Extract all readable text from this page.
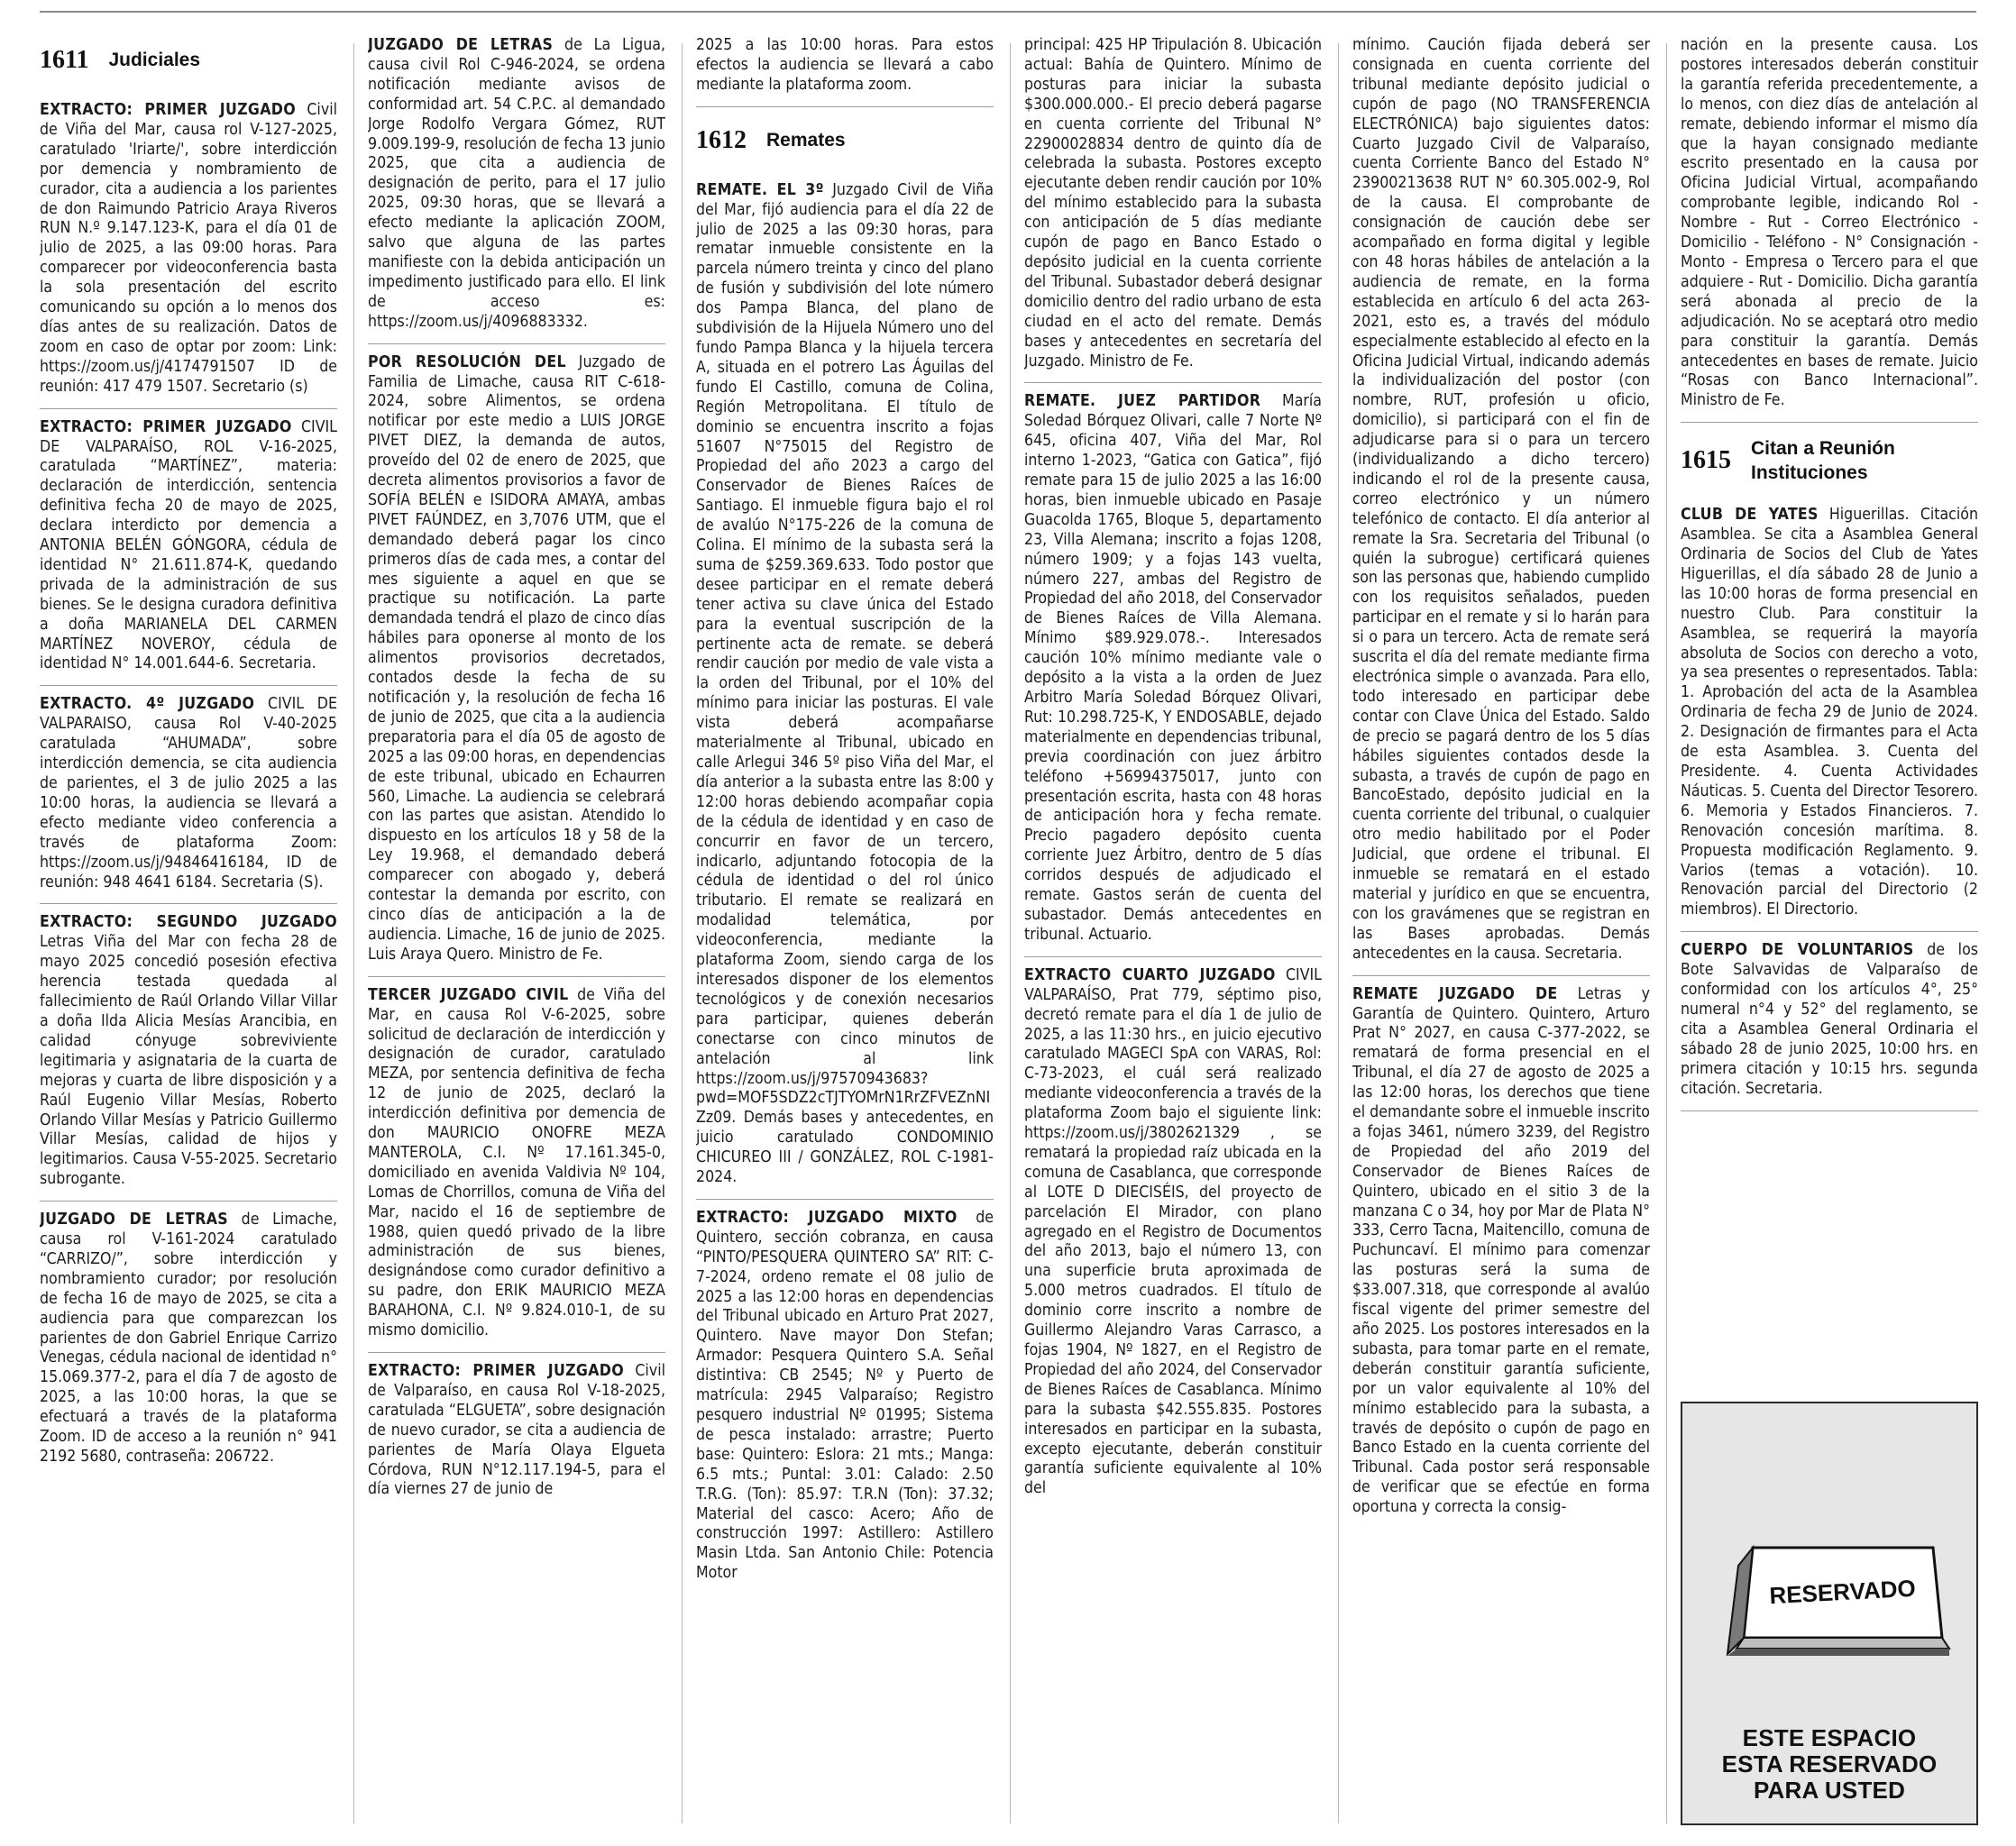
1611 Judiciales
EXTRACTO: PRIMER JUZGADO Civil de Viña del Mar, causa rol V-127-2025, caratulado 'Iriarte/', sobre interdicción por demencia y nombramiento de curador, cita a audiencia a los parientes de don Raimundo Patricio Araya Riveros RUN N.º 9.147.123-K, para el día 01 de julio de 2025, a las 09:00 horas. Para comparecer por videoconferencia basta la sola presentación del escrito comunicando su opción a lo menos dos días antes de su realización. Datos de zoom en caso de optar por zoom: Link: https://zoom.us/j/4174791507 ID de reunión: 417 479 1507. Secretario (s)
EXTRACTO: PRIMER JUZGADO CIVIL DE VALPARAÍSO, ROL V-16-2025, caratulada “MARTÍNEZ”, materia: declaración de interdicción, sentencia definitiva fecha 20 de mayo de 2025, declara interdicto por demencia a ANTONIA BELÉN GÓNGORA, cédula de identidad N° 21.611.874-K, quedando privada de la administración de sus bienes. Se le designa curadora definitiva a doña MARIANELA DEL CARMEN MARTÍNEZ NOVEROY, cédula de identidad N° 14.001.644-6. Secretaria.
EXTRACTO. 4º JUZGADO CIVIL DE VALPARAISO, causa Rol V-40-2025 caratulada “AHUMADA”, sobre interdicción demencia, se cita audiencia de parientes, el 3 de julio 2025 a las 10:00 horas, la audiencia se llevará a efecto mediante video conferencia a través de plataforma Zoom: https://zoom.us/j/94846416184, ID de reunión: 948 4641 6184. Secretaria (S).
EXTRACTO: SEGUNDO JUZGADO Letras Viña del Mar con fecha 28 de mayo 2025 concedió posesión efectiva herencia testada quedada al fallecimiento de Raúl Orlando Villar Villar a doña Ilda Alicia Mesías Arancibia, en calidad cónyuge sobreviviente legitimaria y asignataria de la cuarta de mejoras y cuarta de libre disposición y a Raúl Eugenio Villar Mesías, Roberto Orlando Villar Mesías y Patricio Guillermo Villar Mesías, calidad de hijos y legitimarios. Causa V-55-2025. Secretario subrogante.
JUZGADO DE LETRAS de Limache, causa rol V-161-2024 caratulado “CARRIZO/”, sobre interdicción y nombramiento curador; por resolución de fecha 16 de mayo de 2025, se cita a audiencia para que comparezcan los parientes de don Gabriel Enrique Carrizo Venegas, cédula nacional de identidad n° 15.069.377-2, para el día 7 de agosto de 2025, a las 10:00 horas, la que se efectuará a través de la plataforma Zoom. ID de acceso a la reunión n° 941 2192 5680, contraseña: 206722.
JUZGADO DE LETRAS de La Ligua, causa civil Rol C-946-2024, se ordena notificación mediante avisos de conformidad art. 54 C.P.C. al demandado Jorge Rodolfo Vergara Gómez, RUT 9.009.199-9, resolución de fecha 13 junio 2025, que cita a audiencia de designación de perito, para el 17 julio 2025, 09:30 horas, que se llevará a efecto mediante la aplicación ZOOM, salvo que alguna de las partes manifieste con la debida anticipación un impedimento justificado para ello. El link de acceso es: https://zoom.us/j/4096883332.
POR RESOLUCIÓN DEL Juzgado de Familia de Limache, causa RIT C-618-2024, sobre Alimentos, se ordena notificar por este medio a LUIS JORGE PIVET DIEZ, la demanda de autos, proveído del 02 de enero de 2025, que decreta alimentos provisorios a favor de SOFÍA BELÉN e ISIDORA AMAYA, ambas PIVET FAÚNDEZ, en 3,7076 UTM, que el demandado deberá pagar los cinco primeros días de cada mes, a contar del mes siguiente a aquel en que se practique su notificación. La parte demandada tendrá el plazo de cinco días hábiles para oponerse al monto de los alimentos provisorios decretados, contados desde la fecha de su notificación y, la resolución de fecha 16 de junio de 2025, que cita a la audiencia preparatoria para el día 05 de agosto de 2025 a las 09:00 horas, en dependencias de este tribunal, ubicado en Echaurren 560, Limache. La audiencia se celebrará con las partes que asistan. Atendido lo dispuesto en los artículos 18 y 58 de la Ley 19.968, el demandado deberá comparecer con abogado y, deberá contestar la demanda por escrito, con cinco días de anticipación a la de audiencia. Limache, 16 de junio de 2025. Luis Araya Quero. Ministro de Fe.
TERCER JUZGADO CIVIL de Viña del Mar, en causa Rol V-6-2025, sobre solicitud de declaración de interdicción y designación de curador, caratulado MEZA, por sentencia definitiva de fecha 12 de junio de 2025, declaró la interdicción definitiva por demencia de don MAURICIO ONOFRE MEZA MANTEROLA, C.I. Nº 17.161.345-0, domiciliado en avenida Valdivia Nº 104, Lomas de Chorrillos, comuna de Viña del Mar, nacido el 16 de septiembre de 1988, quien quedó privado de la libre administración de sus bienes, designándose como curador definitivo a su padre, don ERIK MAURICIO MEZA BARAHONA, C.I. Nº 9.824.010-1, de su mismo domicilio.
EXTRACTO: PRIMER JUZGADO Civil de Valparaíso, en causa Rol V-18-2025, caratulada “ELGUETA”, sobre designación de nuevo curador, se cita a audiencia de parientes de María Olaya Elgueta Córdova, RUN N°12.117.194-5, para el día viernes 27 de junio de
2025 a las 10:00 horas. Para estos efectos la audiencia se llevará a cabo mediante la plataforma zoom.
1612 Remates
REMATE. EL 3º Juzgado Civil de Viña del Mar, fijó audiencia para el día 22 de julio de 2025 a las 09:30 horas, para rematar inmueble consistente en la parcela número treinta y cinco del plano de fusión y subdivisión del lote número dos Pampa Blanca, del plano de subdivisión de la Hijuela Número uno del fundo Pampa Blanca y la hijuela tercera A, situada en el potrero Las Águilas del fundo El Castillo, comuna de Colina, Región Metropolitana. El título de dominio se encuentra inscrito a fojas 51607 N°75015 del Registro de Propiedad del año 2023 a cargo del Conservador de Bienes Raíces de Santiago. El inmueble figura bajo el rol de avalúo N°175-226 de la comuna de Colina. El mínimo de la subasta será la suma de $259.369.633. Todo postor que desee participar en el remate deberá tener activa su clave única del Estado para la eventual suscripción de la pertinente acta de remate. se deberá rendir caución por medio de vale vista a la orden del Tribunal, por el 10% del mínimo para iniciar las posturas. El vale vista deberá acompañarse materialmente al Tribunal, ubicado en calle Arlegui 346 5º piso Viña del Mar, el día anterior a la subasta entre las 8:00 y 12:00 horas debiendo acompañar copia de la cédula de identidad y en caso de concurrir en favor de un tercero, indicarlo, adjuntando fotocopia de la cédula de identidad o del rol único tributario. El remate se realizará en modalidad telemática, por videoconferencia, mediante la plataforma Zoom, siendo carga de los interesados disponer de los elementos tecnológicos y de conexión necesarios para participar, quienes deberán conectarse con cinco minutos de antelación al link https://zoom.us/j/97570943683?pwd=MOF5SDZ2cTJTYOMrN1RrZFVEZnNIZz09. Demás bases y antecedentes, en juicio caratulado CONDOMINIO CHICUREO III / GONZÁLEZ, ROL C-1981-2024.
EXTRACTO: JUZGADO MIXTO de Quintero, sección cobranza, en causa “PINTO/PESQUERA QUINTERO SA” RIT: C-7-2024, ordeno remate el 08 julio de 2025 a las 12:00 horas en dependencias del Tribunal ubicado en Arturo Prat 2027, Quintero. Nave mayor Don Stefan; Armador: Pesquera Quintero S.A. Señal distintiva: CB 2545; Nº y Puerto de matrícula: 2945 Valparaíso; Registro pesquero industrial Nº 01995; Sistema de pesca instalado: arrastre; Puerto base: Quintero: Eslora: 21 mts.; Manga: 6.5 mts.; Puntal: 3.01: Calado: 2.50 T.R.G. (Ton): 85.97: T.R.N (Ton): 37.32; Material del casco: Acero; Año de construcción 1997: Astillero: Astillero Masin Ltda. San Antonio Chile: Potencia Motor
principal: 425 HP Tripulación 8. Ubicación actual: Bahía de Quintero. Mínimo de posturas para iniciar la subasta $300.000.000.- El precio deberá pagarse en cuenta corriente del Tribunal N° 22900028834 dentro de quinto día de celebrada la subasta. Postores excepto ejecutante deben rendir caución por 10% del mínimo establecido para la subasta con anticipación de 5 días mediante cupón de pago en Banco Estado o depósito judicial en la cuenta corriente del Tribunal. Subastador deberá designar domicilio dentro del radio urbano de esta ciudad en el acto del remate. Demás bases y antecedentes en secretaría del Juzgado. Ministro de Fe.
REMATE. JUEZ PARTIDOR María Soledad Bórquez Olivari, calle 7 Norte Nº 645, oficina 407, Viña del Mar, Rol interno 1-2023, “Gatica con Gatica”, fijó remate para 15 de julio 2025 a las 16:00 horas, bien inmueble ubicado en Pasaje Guacolda 1765, Bloque 5, departamento 23, Villa Alemana; inscrito a fojas 1208, número 1909; y a fojas 143 vuelta, número 227, ambas del Registro de Propiedad del año 2018, del Conservador de Bienes Raíces de Villa Alemana. Mínimo $89.929.078.-. Interesados caución 10% mínimo mediante vale o depósito a la vista a la orden de Juez Arbitro María Soledad Bórquez Olivari, Rut: 10.298.725-K, Y ENDOSABLE, dejado materialmente en dependencias tribunal, previa coordinación con juez árbitro teléfono +56994375017, junto con presentación escrita, hasta con 48 horas de anticipación hora y fecha remate. Precio pagadero depósito cuenta corriente Juez Árbitro, dentro de 5 días corridos después de adjudicado el remate. Gastos serán de cuenta del subastador. Demás antecedentes en tribunal. Actuario.
EXTRACTO CUARTO JUZGADO CIVIL VALPARAÍSO, Prat 779, séptimo piso, decretó remate para el día 1 de julio de 2025, a las 11:30 hrs., en juicio ejecutivo caratulado MAGECI SpA con VARAS, Rol: C-73-2023, el cuál será realizado mediante videoconferencia a través de la plataforma Zoom bajo el siguiente link: https://zoom.us/j/3802621329 , se rematará la propiedad raíz ubicada en la comuna de Casablanca, que corresponde al LOTE D DIECISÉIS, del proyecto de parcelación El Mirador, con plano agregado en el Registro de Documentos del año 2013, bajo el número 13, con una superficie bruta aproximada de 5.000 metros cuadrados. El título de dominio corre inscrito a nombre de Guillermo Alejandro Varas Carrasco, a fojas 1904, Nº 1827, en el Registro de Propiedad del año 2024, del Conservador de Bienes Raíces de Casablanca. Mínimo para la subasta $42.555.835. Postores interesados en participar en la subasta, excepto ejecutante, deberán constituir garantía suficiente equivalente al 10% del
mínimo. Caución fijada deberá ser consignada en cuenta corriente del tribunal mediante depósito judicial o cupón de pago (NO TRANSFERENCIA ELECTRÓNICA) bajo siguientes datos: Cuarto Juzgado Civil de Valparaíso, cuenta Corriente Banco del Estado N° 23900213638 RUT N° 60.305.002-9, Rol de la causa. El comprobante de consignación de caución debe ser acompañado en forma digital y legible con 48 horas hábiles de antelación a la audiencia de remate, en la forma establecida en artículo 6 del acta 263- 2021, esto es, a través del módulo especialmente establecido al efecto en la Oficina Judicial Virtual, indicando además la individualización del postor (con nombre, RUT, profesión u oficio, domicilio), si participará con el fin de adjudicarse para si o para un tercero (individualizando a dicho tercero) indicando el rol de la presente causa, correo electrónico y un número telefónico de contacto. El día anterior al remate la Sra. Secretaria del Tribunal (o quién la subrogue) certificará quienes son las personas que, habiendo cumplido con los requisitos señalados, pueden participar en el remate y si lo harán para si o para un tercero. Acta de remate será suscrita el día del remate mediante firma electrónica simple o avanzada. Para ello, todo interesado en participar debe contar con Clave Única del Estado. Saldo de precio se pagará dentro de los 5 días hábiles siguientes contados desde la subasta, a través de cupón de pago en BancoEstado, depósito judicial en la cuenta corriente del tribunal, o cualquier otro medio habilitado por el Poder Judicial, que ordene el tribunal. El inmueble se rematará en el estado material y jurídico en que se encuentra, con los gravámenes que se registran en las Bases aprobadas. Demás antecedentes en la causa. Secretaria.
REMATE JUZGADO DE Letras y Garantía de Quintero. Quintero, Arturo Prat N° 2027, en causa C-377-2022, se rematará de forma presencial en el Tribunal, el día 27 de agosto de 2025 a las 12:00 horas, los derechos que tiene el demandante sobre el inmueble inscrito a fojas 3461, número 3239, del Registro de Propiedad del año 2019 del Conservador de Bienes Raíces de Quintero, ubicado en el sitio 3 de la manzana C o 34, hoy por Mar de Plata N° 333, Cerro Tacna, Maitencillo, comuna de Puchuncaví. El mínimo para comenzar las posturas será la suma de $33.007.318, que corresponde al avalúo fiscal vigente del primer semestre del año 2025. Los postores interesados en la subasta, para tomar parte en el remate, deberán constituir garantía suficiente, por un valor equivalente al 10% del mínimo establecido para la subasta, a través de depósito o cupón de pago en Banco Estado en la cuenta corriente del Tribunal. Cada postor será responsable de verificar que se efectúe en forma oportuna y correcta la consig-
nación en la presente causa. Los postores interesados deberán constituir la garantía referida precedentemente, a lo menos, con diez días de antelación al remate, debiendo informar el mismo día que la hayan consignado mediante escrito presentado en la causa por Oficina Judicial Virtual, acompañando comprobante legible, indicando Rol - Nombre - Rut - Correo Electrónico - Domicilio - Teléfono - N° Consignación - Monto - Empresa o Tercero para el que adquiere - Rut - Domicilio. Dicha garantía será abonada al precio de la adjudicación. No se aceptará otro medio para constituir la garantía. Demás antecedentes en bases de remate. Juicio “Rosas con Banco Internacional”. Ministro de Fe.
1615 Citan a Reunión
Instituciones
CLUB DE YATES Higuerillas. Citación Asamblea. Se cita a Asamblea General Ordinaria de Socios del Club de Yates Higuerillas, el día sábado 28 de Junio a las 10:00 horas de forma presencial en nuestro Club. Para constituir la Asamblea, se requerirá la mayoría absoluta de Socios con derecho a voto, ya sea presentes o representados. Tabla: 1. Aprobación del acta de la Asamblea Ordinaria de fecha 29 de Junio de 2024. 2. Designación de firmantes para el Acta de esta Asamblea. 3. Cuenta del Presidente. 4. Cuenta Actividades Náuticas. 5. Cuenta del Director Tesorero. 6. Memoria y Estados Financieros. 7. Renovación concesión marítima. 8. Propuesta modificación Reglamento. 9. Varios (temas a votación). 10. Renovación parcial del Directorio (2 miembros). El Directorio.
CUERPO DE VOLUNTARIOS de los Bote Salvavidas de Valparaíso de conformidad con los artículos 4°, 25° numeral n°4 y 52° del reglamento, se cita a Asamblea General Ordinaria el sábado 28 de junio 2025, 10:00 hrs. en primera citación y 10:15 hrs. segunda citación. Secretaria.
RESERVADO
ESTE ESPACIO
ESTA RESERVADO
PARA USTED
